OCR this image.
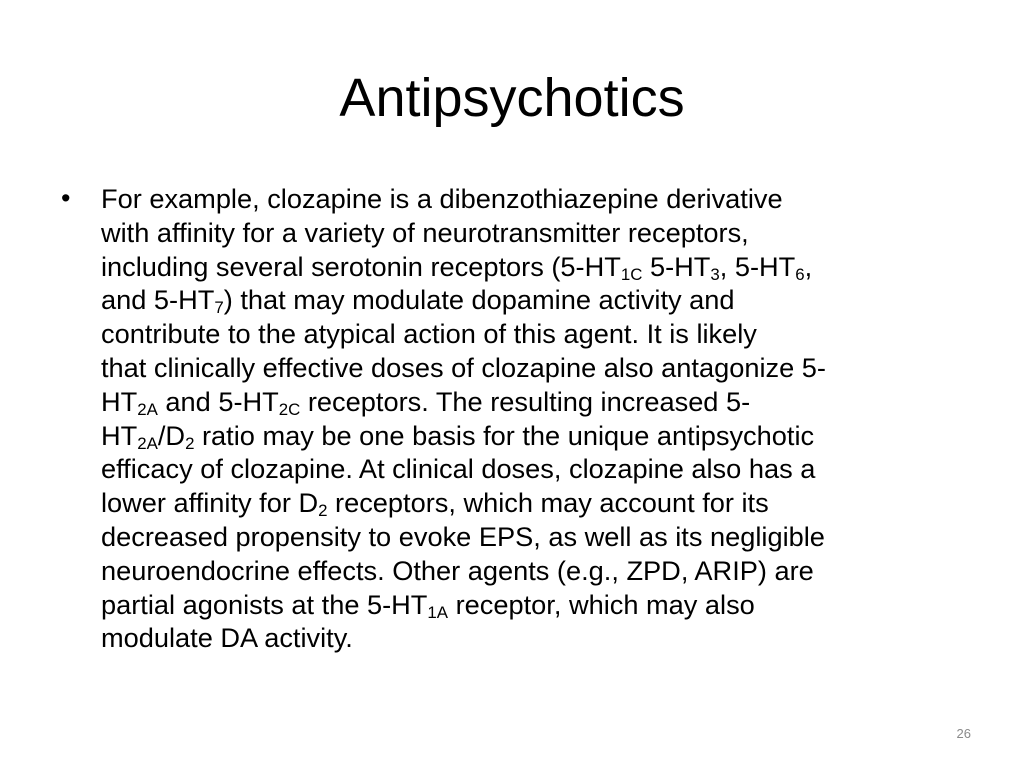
Antipsychotics
• For example, clozapine is a dibenzothiazepine derivative
with affinity for a variety of neurotransmitter receptors,
including several serotonin receptors ($5-HT_{1C}$ $5-HT_3$, $5-HT_6$,
and $5-HT_7$) that may modulate dopamine activity and
contribute to the atypical action of this agent. It is likely
that clinically effective doses of clozapine also antagonize 5-
$HT_{2A}$ and $5-HT_{2C}$ receptors. The resulting increased 5-
$HT_{2A}/D_2$ ratio may be one basis for the unique antipsychotic
efficacy of clozapine. At clinical doses, clozapine also has a
lower affinity for $D_2$ receptors, which may account for its
decreased propensity to evoke EPS, as well as its negligible
neuroendocrine effects. Other agents (e.g., ZPD, ARIP) are
partial agonists at the $5-HT_{1A}$ receptor, which may also
modulate DA activity.
26
